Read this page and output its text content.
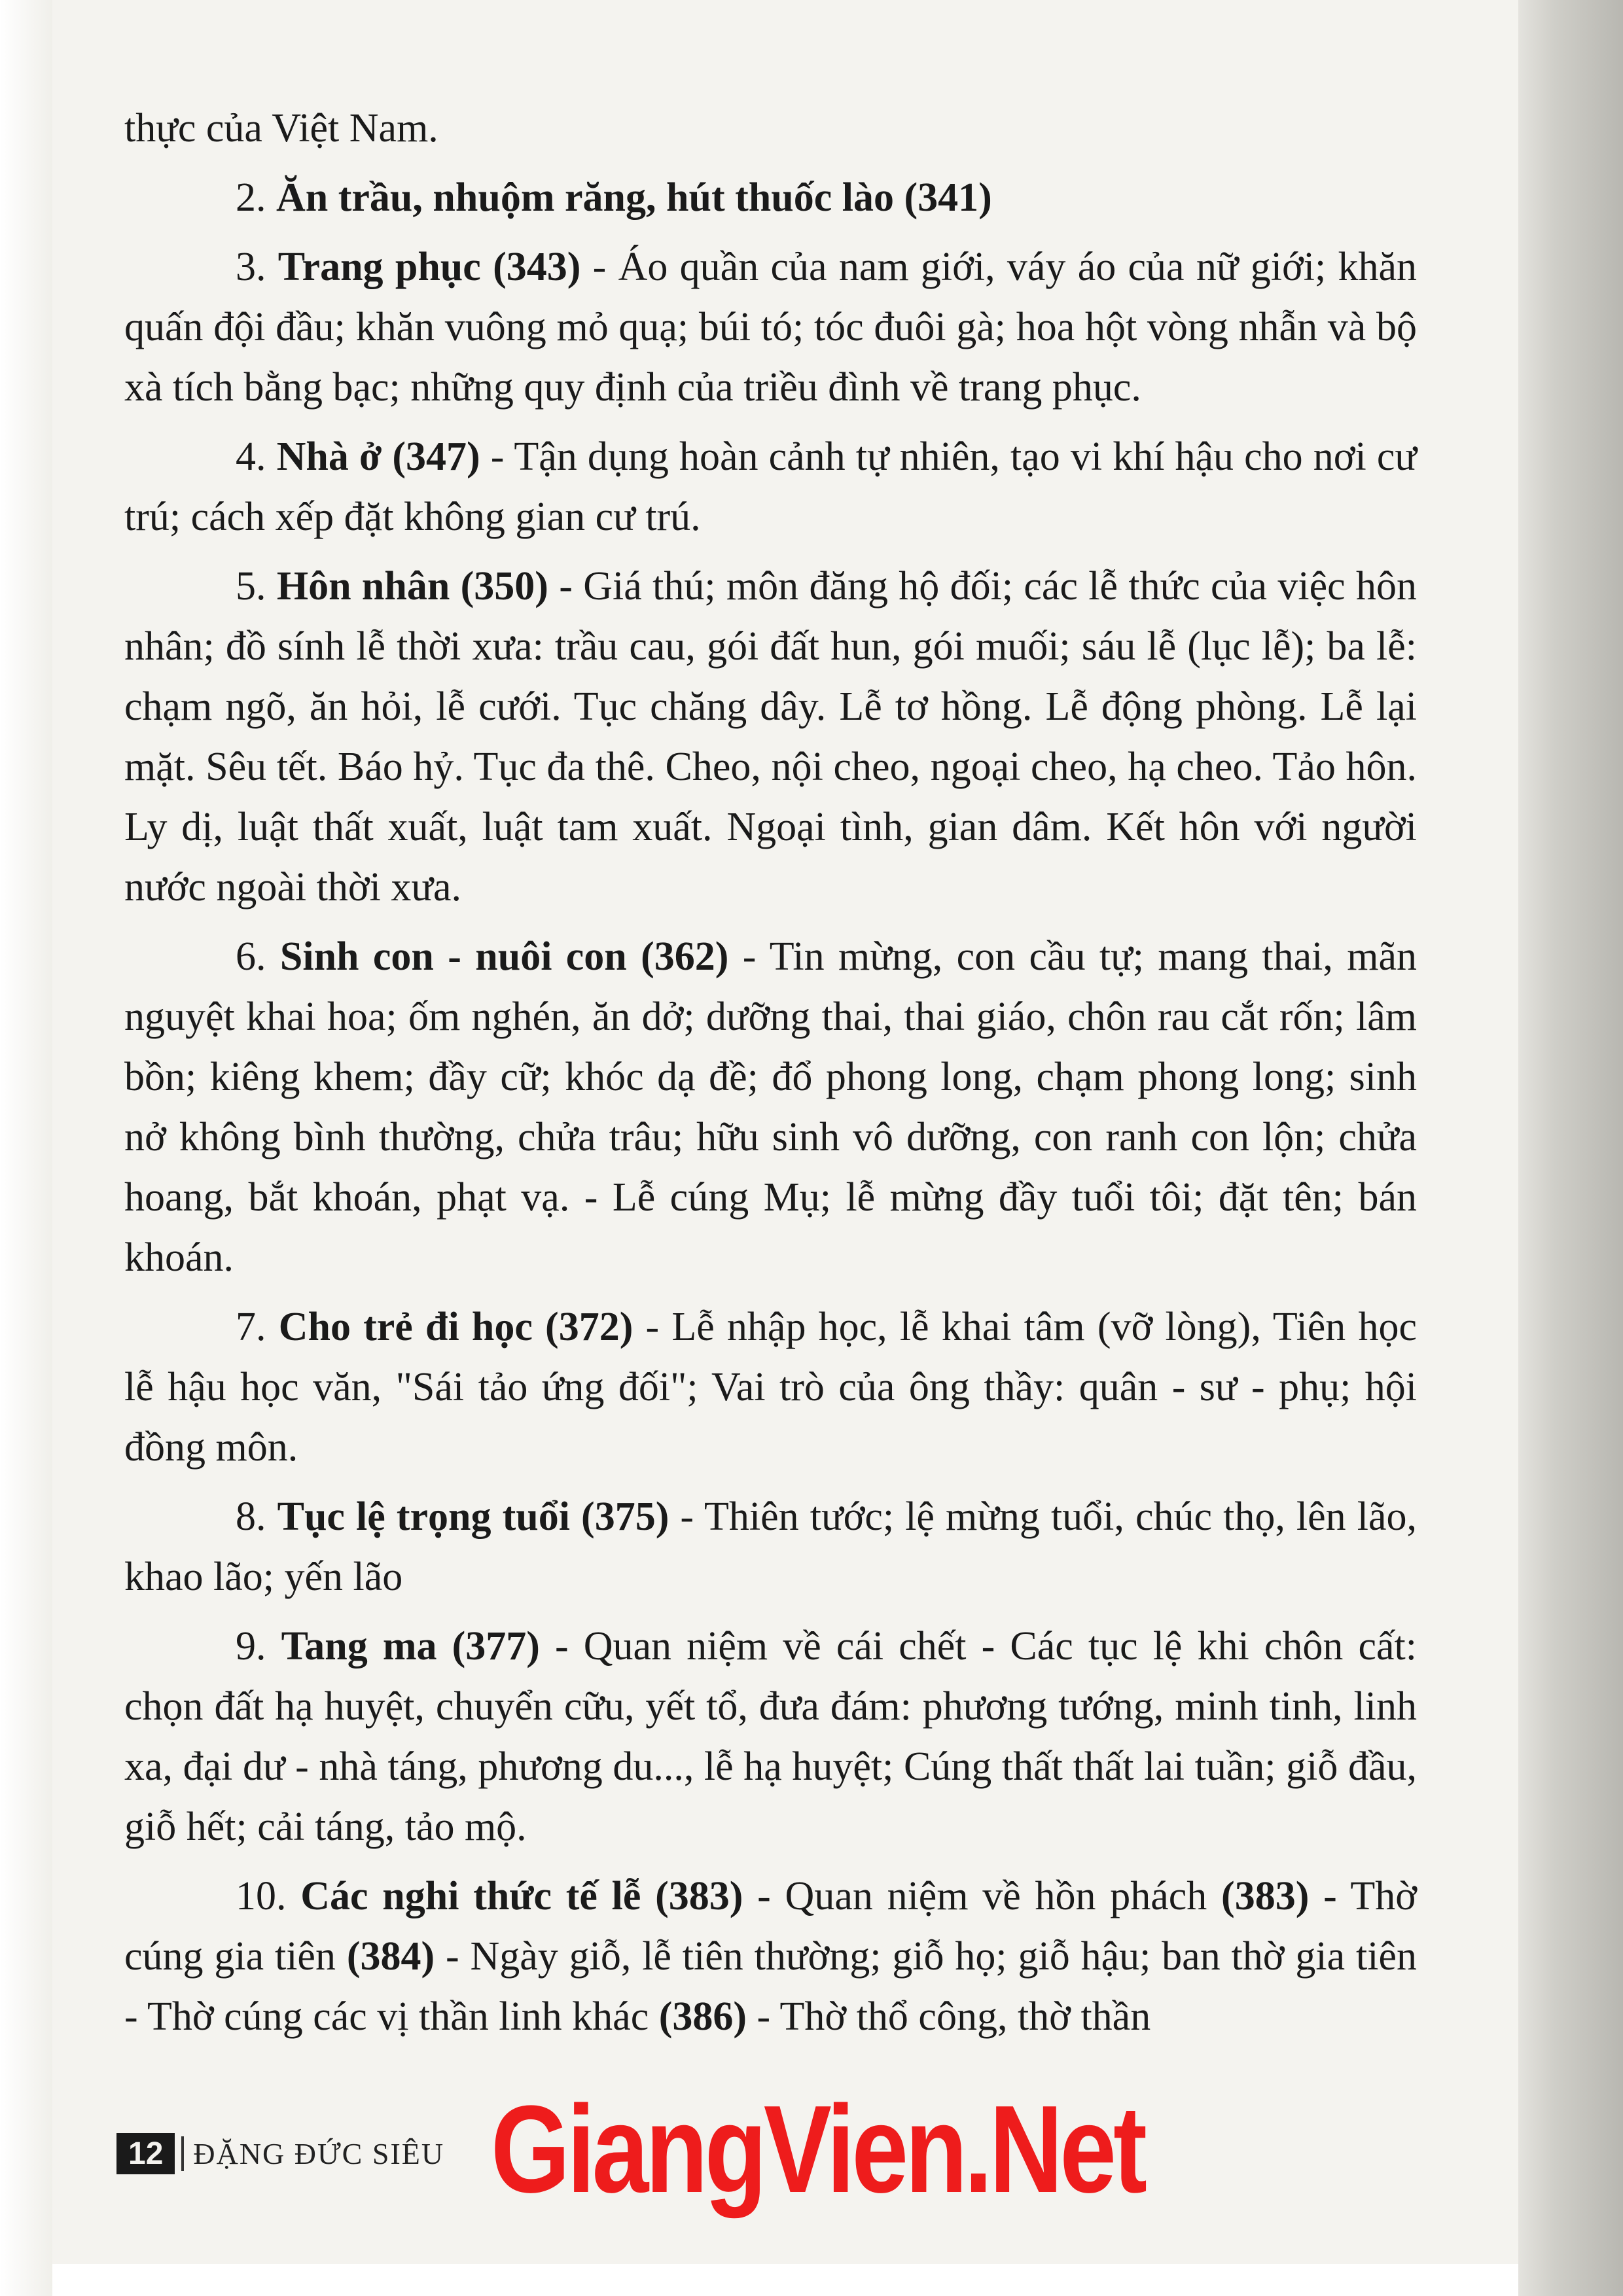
thực của Việt Nam.

2. Ăn trầu, nhuộm răng, hút thuốc lào (341)

3. Trang phục (343) - Áo quần của nam giới, váy áo của nữ giới; khăn quấn đội đầu; khăn vuông mỏ quạ; búi tó; tóc đuôi gà; hoa hột vòng nhẫn và bộ xà tích bằng bạc; những quy định của triều đình về trang phục.

4. Nhà ở (347) - Tận dụng hoàn cảnh tự nhiên, tạo vi khí hậu cho nơi cư trú; cách xếp đặt không gian cư trú.

5. Hôn nhân (350) - Giá thú; môn đăng hộ đối; các lễ thức của việc hôn nhân; đồ sính lễ thời xưa: trầu cau, gói đất hun, gói muối; sáu lễ (lục lễ); ba lễ: chạm ngõ, ăn hỏi, lễ cưới. Tục chăng dây. Lễ tơ hồng. Lễ động phòng. Lễ lại mặt. Sêu tết. Báo hỷ. Tục đa thê. Cheo, nội cheo, ngoại cheo, hạ cheo. Tảo hôn. Ly dị, luật thất xuất, luật tam xuất. Ngoại tình, gian dâm. Kết hôn với người nước ngoài thời xưa.

6. Sinh con - nuôi con (362) - Tin mừng, con cầu tự; mang thai, mãn nguyệt khai hoa; ốm nghén, ăn dở; dưỡng thai, thai giáo, chôn rau cắt rốn; lâm bồn; kiêng khem; đầy cữ; khóc dạ đề; đổ phong long, chạm phong long; sinh nở không bình thường, chửa trâu; hữu sinh vô dưỡng, con ranh con lộn; chửa hoang, bắt khoán, phạt vạ. - Lễ cúng Mụ; lễ mừng đầy tuổi tôi; đặt tên; bán khoán.

7. Cho trẻ đi học (372) - Lễ nhập học, lễ khai tâm (vỡ lòng), Tiên học lễ hậu học văn, "Sái tảo ứng đối"; Vai trò của ông thầy: quân - sư - phụ; hội đồng môn.

8. Tục lệ trọng tuổi (375) - Thiên tước; lệ mừng tuổi, chúc thọ, lên lão, khao lão; yến lão

9. Tang ma (377) - Quan niệm về cái chết - Các tục lệ khi chôn cất: chọn đất hạ huyệt, chuyển cữu, yết tổ, đưa đám: phương tướng, minh tinh, linh xa, đại dư - nhà táng, phương du..., lễ hạ huyệt; Cúng thất thất lai tuần; giỗ đầu, giỗ hết; cải táng, tảo mộ.

10. Các nghi thức tế lễ (383) - Quan niệm về hồn phách (383) - Thờ cúng gia tiên (384) - Ngày giỗ, lễ tiên thường; giỗ họ; giỗ hậu; ban thờ gia tiên - Thờ cúng các vị thần linh khác (386) - Thờ thổ công, thờ thần

12	ĐẶNG ĐỨC SIÊU GiangVien.Net
